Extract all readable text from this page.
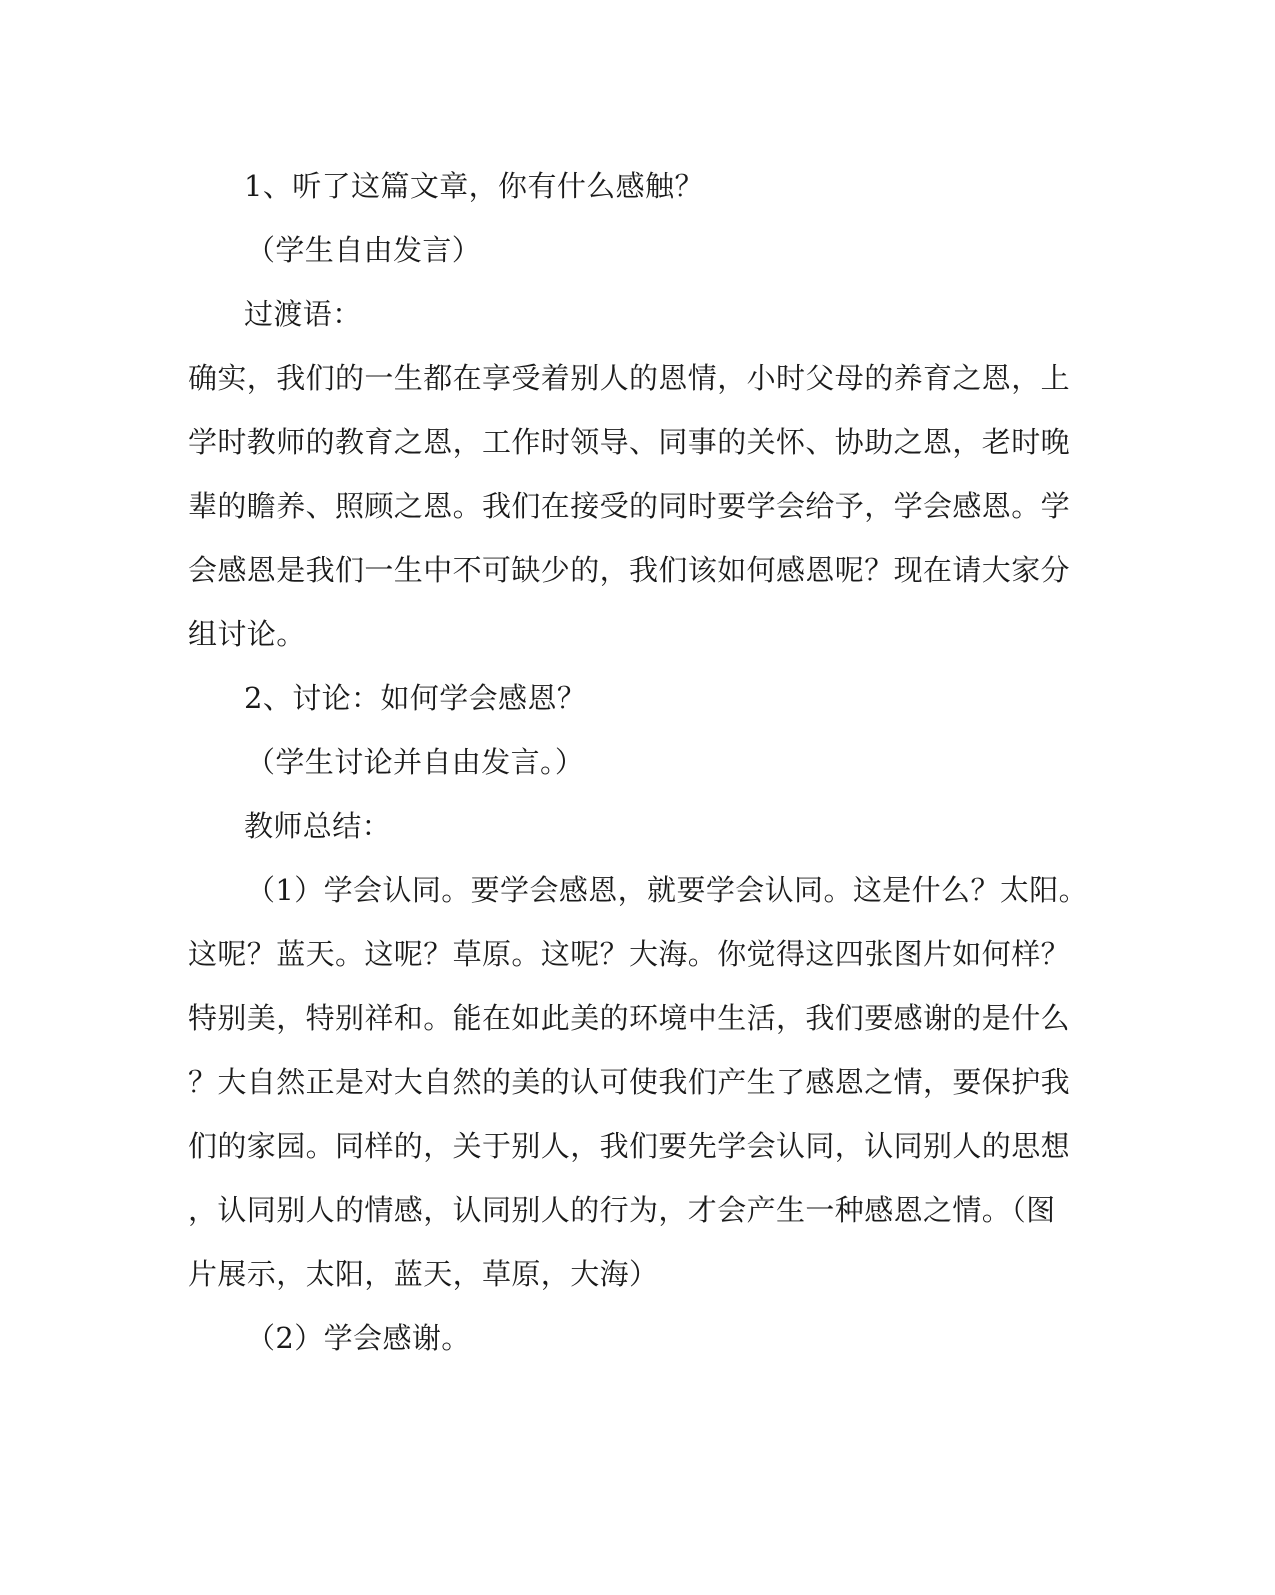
1、听了这篇文章，你有什么感触？
（学生自由发言）
过渡语：
确实，我们的一生都在享受着别人的恩情，小时父母的养育之恩，上
学时教师的教育之恩，工作时领导、同事的关怀、协助之恩，老时晚
辈的瞻养、照顾之恩。我们在接受的同时要学会给予，学会感恩。学
会感恩是我们一生中不可缺少的，我们该如何感恩呢？现在请大家分
组讨论。
2、讨论：如何学会感恩？
（学生讨论并自由发言。）
教师总结：
（1）学会认同。要学会感恩，就要学会认同。这是什么？太阳。
这呢？蓝天。这呢？草原。这呢？大海。你觉得这四张图片如何样？
特别美，特别祥和。能在如此美的环境中生活，我们要感谢的是什么
？大自然正是对大自然的美的认可使我们产生了感恩之情，要保护我
们的家园。同样的，关于别人，我们要先学会认同，认同别人的思想
，认同别人的情感，认同别人的行为，才会产生一种感恩之情。（图
片展示，太阳，蓝天，草原，大海）
（2）学会感谢。
